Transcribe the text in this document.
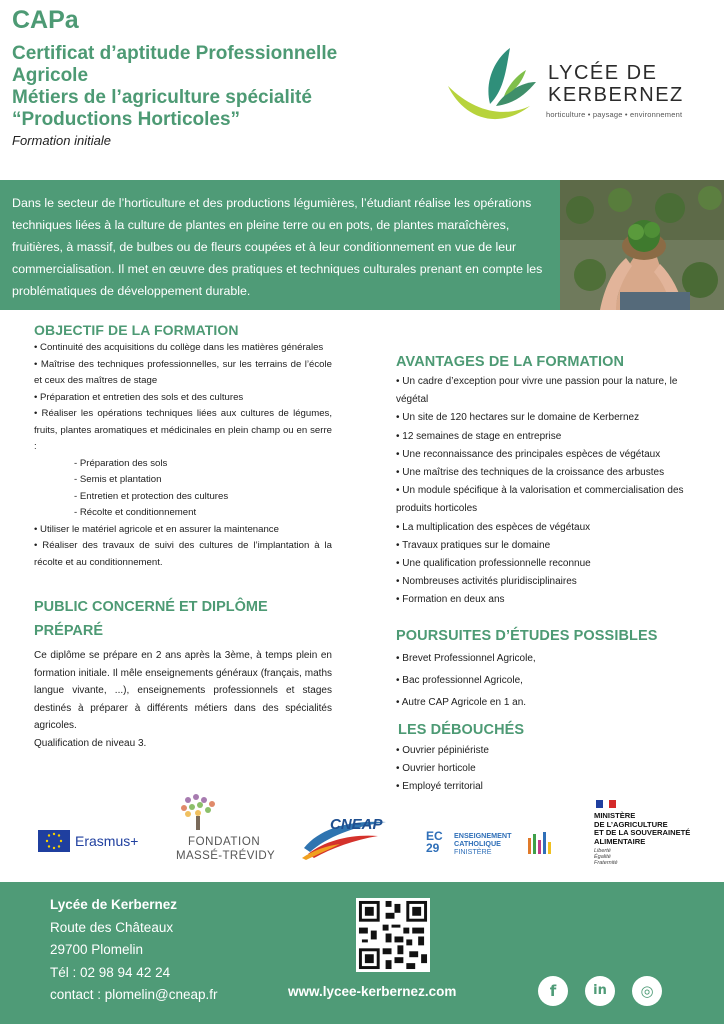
CAPa
Certificat d’aptitude Professionnelle
Agricole
Métiers de l’agriculture spécialité
“Productions Horticoles”
Formation initiale
LYCÉE DE
KERBERNEZ
horticulture • paysage • environnement

Dans le secteur de l’horticulture et des productions légumières, l’étudiant réalise les opérations techniques liées à la culture de plantes en pleine terre ou en pots, de plantes maraîchères, fruitières, à massif, de bulbes ou de fleurs coupées et à leur conditionnement en vue de leur commercialisation. Il met en œuvre des pratiques et techniques culturales prenant en compte les problématiques de développement durable.

OBJECTIF DE LA FORMATION
• Continuité des acquisitions du collège dans les matières générales
• Maîtrise des techniques professionnelles, sur les terrains de l’école et ceux des maîtres de stage
• Préparation et entretien des sols et des cultures
• Réaliser les opérations techniques liées aux cultures de légumes, fruits, plantes aromatiques et médicinales en plein champ ou en serre :
- Préparation des sols
- Semis et plantation
- Entretien et protection des cultures
- Récolte et conditionnement
• Utiliser le matériel agricole et en assurer la maintenance
• Réaliser des travaux de suivi des cultures de l’implantation à la récolte et au conditionnement.
PUBLIC CONCERNÉ ET DIPLÔME
PRÉPARÉ

Ce diplôme se prépare en 2 ans après la 3ème, à temps plein en formation initiale. Il mêle enseignements généraux (français, maths langue vivante, ...), enseignements professionnels et stages destinés à préparer à différents métiers dans des spécialités agricoles.

Qualification de niveau 3.

AVANTAGES DE LA FORMATION
• Un cadre d’exception pour vivre une passion pour la nature, le végétal
• Un site de 120 hectares sur le domaine de Kerbernez
• 12 semaines de stage en entreprise
• Une reconnaissance des principales espèces de végétaux
• Une maîtrise des techniques de la croissance des arbustes
• Un module spécifique à la valorisation et commercialisation des produits horticoles
• La multiplication des espèces de végétaux
• Travaux pratiques sur le domaine
• Une qualification professionnelle reconnue
• Nombreuses activités pluridisciplinaires
• Formation en deux ans
POURSUITES D’ÉTUDES POSSIBLES
• Brevet Professionnel Agricole,
• Bac professionnel Agricole,
• Autre CAP Agricole en 1 an.
LES DÉBOUCHÉS
• Ouvrier pépiniériste
• Ouvrier horticole
• Employé territorial
Erasmus+	FONDATION
MASSÉ-TRÉVIDY
CNEAP
EC
29
ENSEIGNEMENT
CATHOLIQUE
FINISTÈRE
MINISTÈRE
DE L’AGRICULTURE
ET DE LA SOUVERAINETÉ
ALIMENTAIRE
Liberté
Égalité
Fraternité
Lycée de Kerbernez
Route des Châteaux
29700 Plomelin
Tél : 02 98 94 42 24
contact : plomelin@cneap.fr	www.lycee-kerbernez.com	f	in	◎
